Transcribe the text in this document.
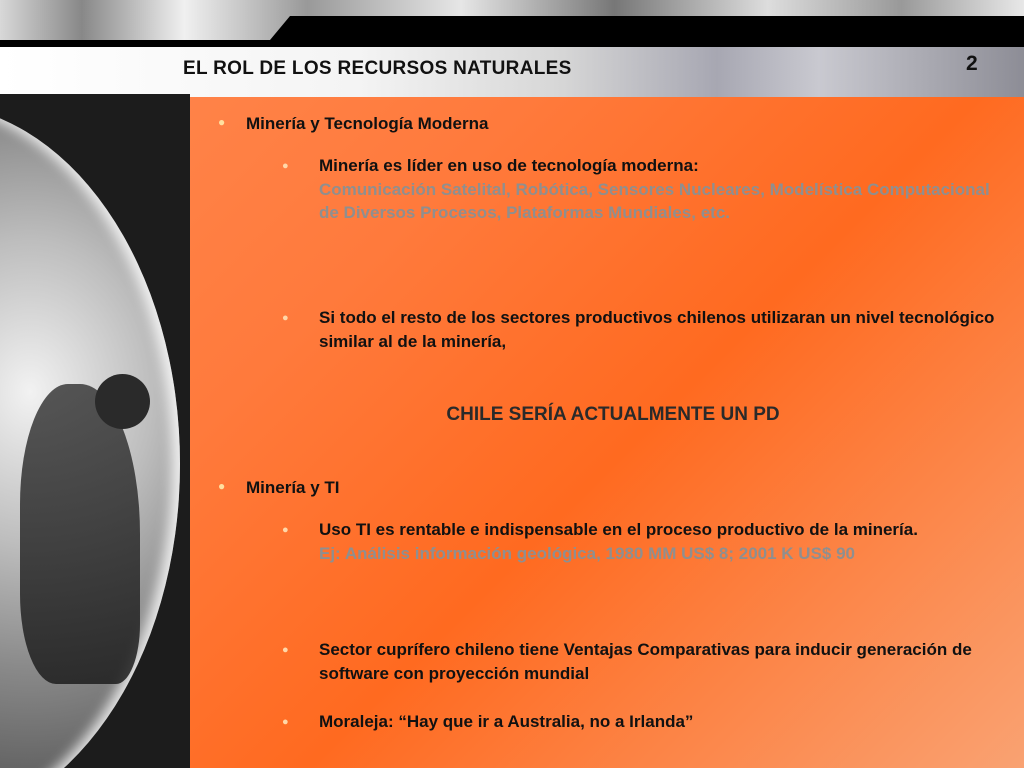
EL ROL DE LOS RECURSOS NATURALES	2
● Minería y Tecnología Moderna
● Minería es líder en uso de tecnología moderna:
Comunicación Satelital, Robótica, Sensores Nucleares, Modelística Computacional de Diversos Procesos, Plataformas Mundiales, etc.
● Si todo el resto de los sectores productivos chilenos utilizaran un nivel tecnológico similar al de la minería,
CHILE SERÍA ACTUALMENTE UN PD
● Minería y TI
● Uso TI es rentable e indispensable en el proceso productivo de la minería.
Ej: Análisis información geológica, 1980 MM US$ 8; 2001 K US$ 90
● Sector cuprífero chileno tiene Ventajas Comparativas para inducir generación de software con proyección mundial
● Moraleja: “Hay que ir a Australia, no a Irlanda”
